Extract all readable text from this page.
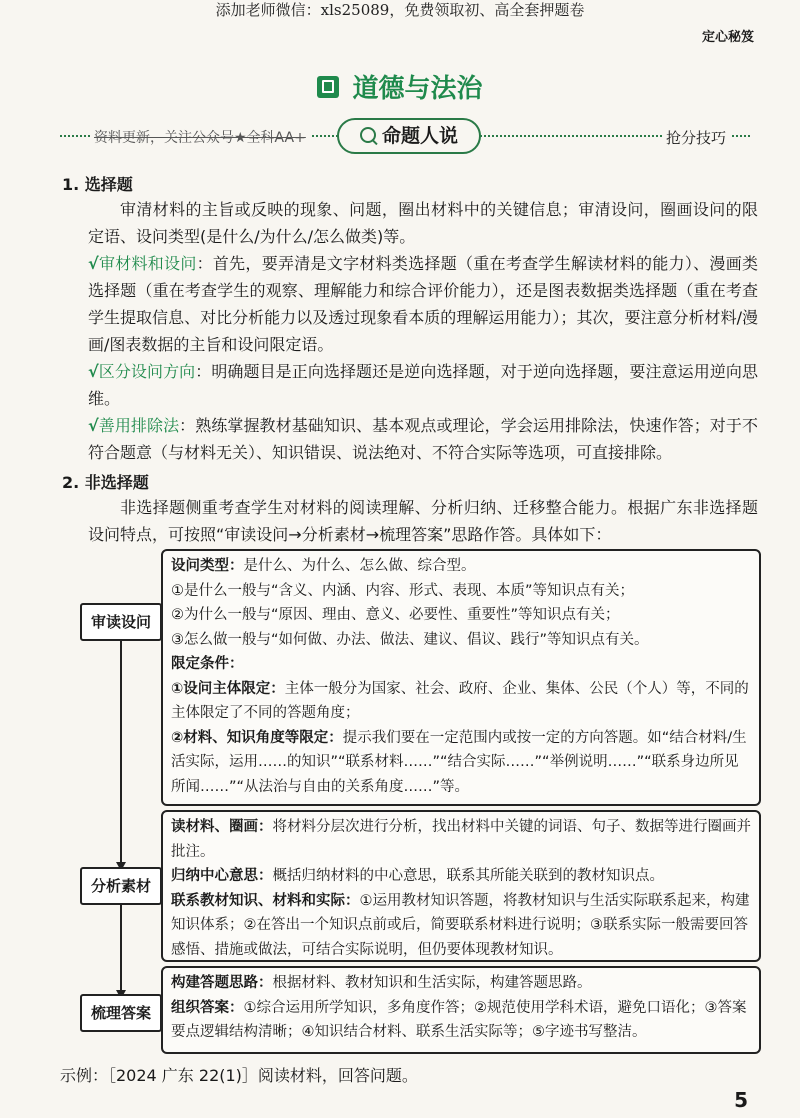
添加老师微信：xls25089，免费领取初、高全套押题卷
定心秘笈
道德与法治
资料更新，关注公众号★全科AA+	命题人说	抢分技巧
1. 选择题
审清材料的主旨或反映的现象、问题，圈出材料中的关键信息；审清设问，圈画设问的限定语、设问类型(是什么/为什么/怎么做类)等。
√审材料和设问：首先，要弄清是文字材料类选择题（重在考查学生解读材料的能力）、漫画类选择题（重在考查学生的观察、理解能力和综合评价能力），还是图表数据类选择题（重在考查学生提取信息、对比分析能力以及透过现象看本质的理解运用能力）；其次，要注意分析材料/漫画/图表数据的主旨和设问限定语。
√区分设问方向：明确题目是正向选择题还是逆向选择题，对于逆向选择题，要注意运用逆向思维。
√善用排除法：熟练掌握教材基础知识、基本观点或理论，学会运用排除法，快速作答；对于不符合题意（与材料无关）、知识错误、说法绝对、不符合实际等选项，可直接排除。
2. 非选择题
非选择题侧重考查学生对材料的阅读理解、分析归纳、迁移整合能力。根据广东非选择题设问特点，可按照“审读设问→分析素材→梳理答案”思路作答。具体如下：
审读设问
分析素材
梳理答案
设问类型：是什么、为什么、怎么做、综合型。
①是什么一般与“含义、内涵、内容、形式、表现、本质”等知识点有关；
②为什么一般与“原因、理由、意义、必要性、重要性”等知识点有关；
③怎么做一般与“如何做、办法、做法、建议、倡议、践行”等知识点有关。
限定条件：
①设问主体限定：主体一般分为国家、社会、政府、企业、集体、公民（个人）等，不同的主体限定了不同的答题角度；
②材料、知识角度等限定：提示我们要在一定范围内或按一定的方向答题。如“结合材料/生活实际，运用……的知识”“联系材料……”“结合实际……”“举例说明……”“联系身边所见所闻……”“从法治与自由的关系角度……”等。
读材料、圈画：将材料分层次进行分析，找出材料中关键的词语、句子、数据等进行圈画并批注。
归纳中心意思：概括归纳材料的中心意思，联系其所能关联到的教材知识点。
联系教材知识、材料和实际：①运用教材知识答题，将教材知识与生活实际联系起来，构建知识体系；②在答出一个知识点前或后，简要联系材料进行说明；③联系实际一般需要回答感悟、措施或做法，可结合实际说明，但仍要体现教材知识。
构建答题思路：根据材料、教材知识和生活实际，构建答题思路。
组织答案：①综合运用所学知识，多角度作答；②规范使用学科术语，避免口语化；③答案要点逻辑结构清晰；④知识结合材料、联系生活实际等；⑤字迹书写整洁。
示例：［2024 广东 22(1)］阅读材料，回答问题。
5
